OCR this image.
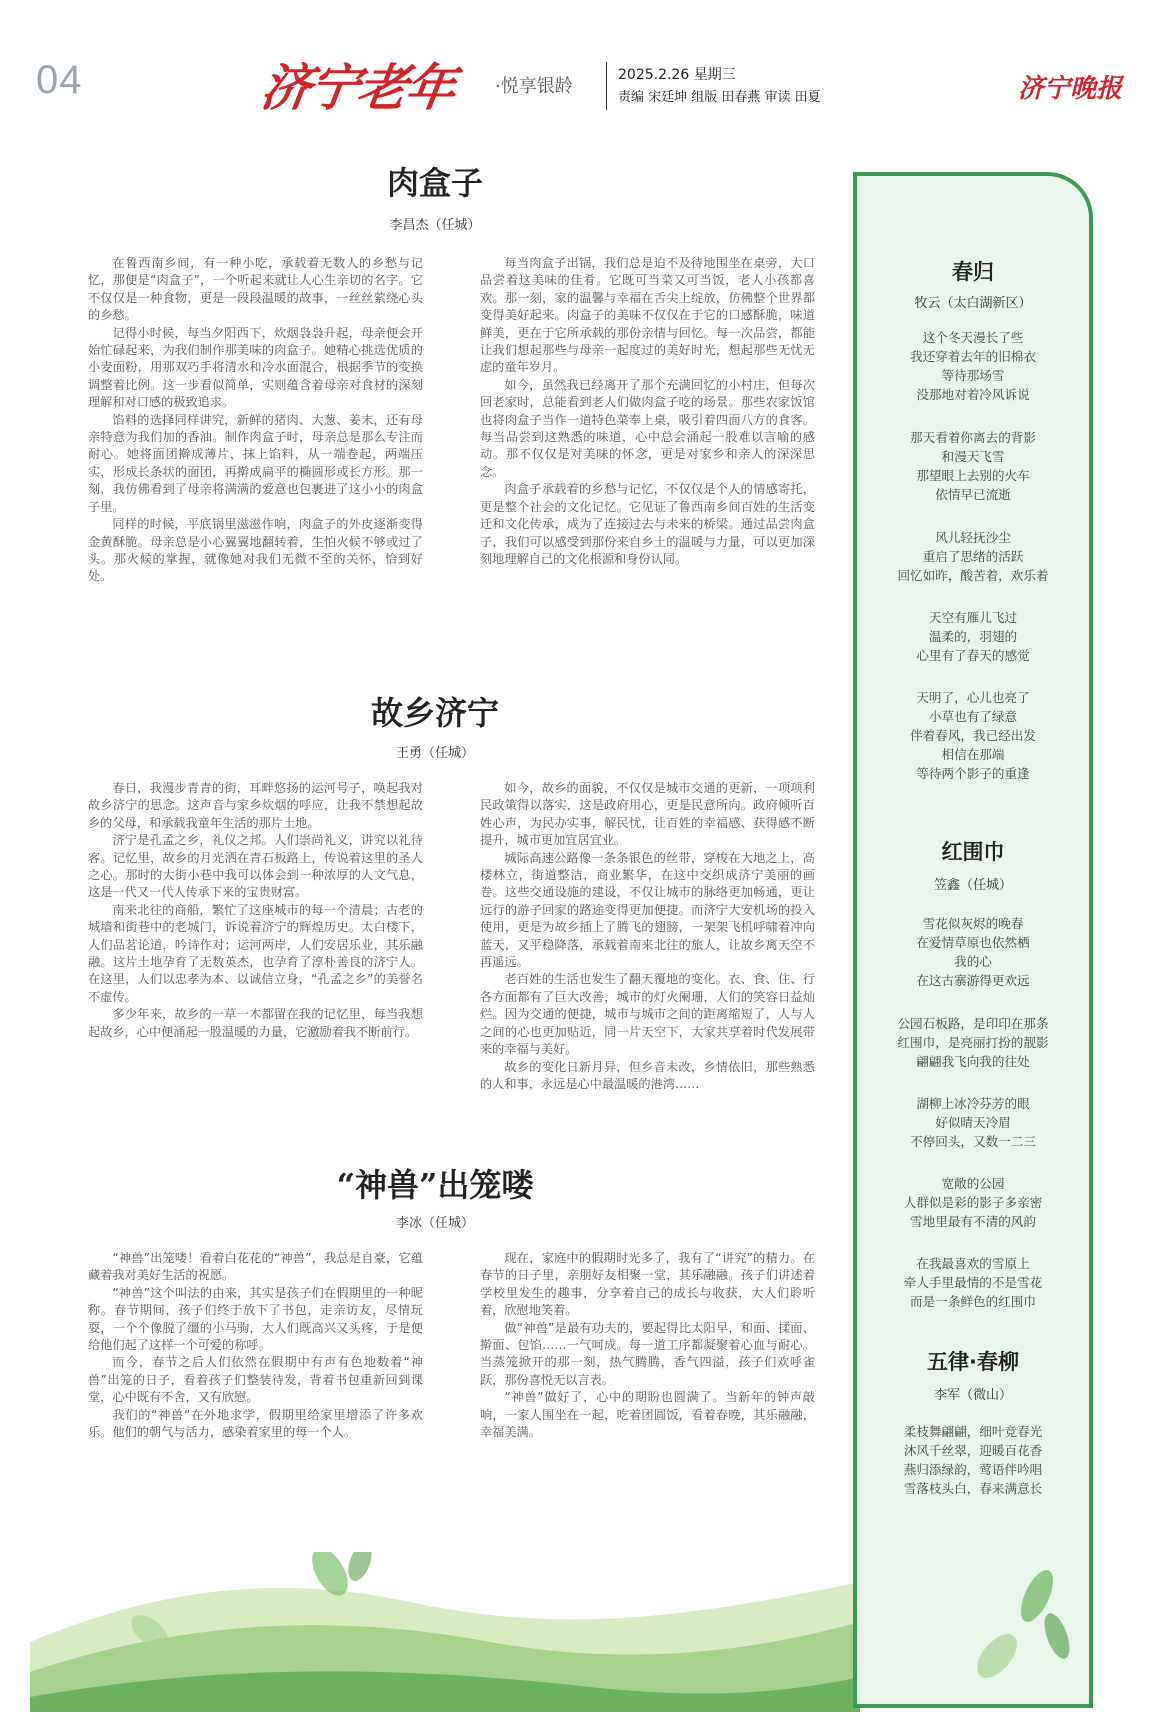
04	济宁老年 ·悦享银龄
2025.2.26 星期三
责编 宋廷坤 组版 田春燕 审读 田夏	济宁晚报
肉盒子
李昌杰（任城）

在鲁西南乡间，有一种小吃，承载着无数人的乡愁与记忆，那便是“肉盒子”，一个听起来就让人心生亲切的名字。它不仅仅是一种食物，更是一段段温暖的故事，一丝丝萦绕心头的乡愁。

记得小时候，每当夕阳西下，炊烟袅袅升起，母亲便会开始忙碌起来，为我们制作那美味的肉盒子。她精心挑选优质的小麦面粉，用那双巧手将清水和冷水面混合，根据季节的变换调整着比例。这一步看似简单，实则蕴含着母亲对食材的深刻理解和对口感的极致追求。

馅料的选择同样讲究，新鲜的猪肉、大葱、姜末，还有母亲特意为我们加的香油。制作肉盒子时，母亲总是那么专注而耐心。她将面团擀成薄片，抹上馅料，从一端卷起，两端压实，形成长条状的面团，再擀成扁平的椭圆形或长方形。那一刻，我仿佛看到了母亲将满满的爱意也包裹进了这小小的肉盒子里。

同样的时候，平底锅里滋滋作响，肉盒子的外皮逐渐变得金黄酥脆。母亲总是小心翼翼地翻转着，生怕火候不够或过了头。那火候的掌握，就像她对我们无微不至的关怀，恰到好处。

每当肉盒子出锅，我们总是迫不及待地围坐在桌旁，大口品尝着这美味的佳肴。它既可当菜又可当饭，老人小孩都喜欢。那一刻，家的温馨与幸福在舌尖上绽放，仿佛整个世界都变得美好起来。肉盒子的美味不仅仅在于它的口感酥脆，味道鲜美，更在于它所承载的那份亲情与回忆。每一次品尝，都能让我们想起那些与母亲一起度过的美好时光，想起那些无忧无虑的童年岁月。

如今，虽然我已经离开了那个充满回忆的小村庄，但每次回老家时，总能看到老人们做肉盒子吃的场景。那些农家饭馆也将肉盒子当作一道特色菜奉上桌，吸引着四面八方的食客。每当品尝到这熟悉的味道，心中总会涌起一股难以言喻的感动。那不仅仅是对美味的怀念，更是对家乡和亲人的深深思念。

肉盒子承载着的乡愁与记忆，不仅仅是个人的情感寄托，更是整个社会的文化记忆。它见证了鲁西南乡间百姓的生活变迁和文化传承，成为了连接过去与未来的桥梁。通过品尝肉盒子，我们可以感受到那份来自乡土的温暖与力量，可以更加深刻地理解自己的文化根源和身份认同。

故乡济宁
王勇（任城）

春日，我漫步青青的街，耳畔悠扬的运河号子，唤起我对故乡济宁的思念。这声音与家乡炊烟的呼应，让我不禁想起故乡的父母，和承载我童年生活的那片土地。

济宁是孔孟之乡，礼仪之邦。人们崇尚礼义，讲究以礼待客。记忆里，故乡的月光洒在青石板路上，传说着这里的圣人之心。那时的大街小巷中我可以体会到一种浓厚的人文气息，这是一代又一代人传承下来的宝贵财富。

南来北往的商船，繁忙了这座城市的每一个清晨；古老的城墙和街巷中的老城门，诉说着济宁的辉煌历史。太白楼下，人们品茗论道，吟诗作对；运河两岸，人们安居乐业，其乐融融。这片土地孕育了无数英杰，也孕育了淳朴善良的济宁人。在这里，人们以忠孝为本、以诚信立身，“孔孟之乡”的美誉名不虚传。

多少年来，故乡的一草一木都留在我的记忆里，每当我想起故乡，心中便涌起一股温暖的力量，它激励着我不断前行。

如今，故乡的面貌，不仅仅是城市交通的更新，一项项利民政策得以落实，这是政府用心，更是民意所向。政府倾听百姓心声，为民办实事，解民忧，让百姓的幸福感、获得感不断提升，城市更加宜居宜业。

城际高速公路像一条条银色的丝带，穿梭在大地之上，高楼林立，街道整洁，商业繁华，在这中交织成济宁美丽的画卷。这些交通设施的建设，不仅让城市的脉络更加畅通，更让远行的游子回家的路途变得更加便捷。而济宁大安机场的投入使用，更是为故乡插上了腾飞的翅膀，一架架飞机呼啸着冲向蓝天，又平稳降落，承载着南来北往的旅人，让故乡离天空不再遥远。

老百姓的生活也发生了翻天覆地的变化。衣、食、住、行各方面都有了巨大改善，城市的灯火阑珊，人们的笑容日益灿烂。因为交通的便捷，城市与城市之间的距离缩短了，人与人之间的心也更加贴近，同一片天空下，大家共享着时代发展带来的幸福与美好。

故乡的变化日新月异，但乡音未改，乡情依旧，那些熟悉的人和事，永远是心中最温暖的港湾……

“神兽”出笼喽
李冰（任城）

“神兽”出笼喽！看着白花花的“神兽”，我总是自豪，它蕴藏着我对美好生活的祝愿。

“神兽”这个叫法的由来，其实是孩子们在假期里的一种昵称。春节期间，孩子们终于放下了书包，走亲访友，尽情玩耍，一个个像脱了缰的小马驹，大人们既高兴又头疼，于是便给他们起了这样一个可爱的称呼。

而今，春节之后人们依然在假期中有声有色地数着“神兽”出笼的日子，看着孩子们整装待发，背着书包重新回到课堂，心中既有不舍，又有欣慰。

我们的“神兽”在外地求学，假期里给家里增添了许多欢乐。他们的朝气与活力，感染着家里的每一个人。

现在，家庭中的假期时光多了，我有了“讲究”的精力。在春节的日子里，亲朋好友相聚一堂，其乐融融。孩子们讲述着学校里发生的趣事，分享着自己的成长与收获，大人们聆听着，欣慰地笑着。

做“神兽”是最有功夫的，要起得比太阳早，和面、揉面、擀面、包馅……一气呵成。每一道工序都凝聚着心血与耐心。当蒸笼掀开的那一刻，热气腾腾，香气四溢，孩子们欢呼雀跃，那份喜悦无以言表。

“神兽”做好了，心中的期盼也圆满了。当新年的钟声敲响，一家人围坐在一起，吃着团圆饭，看着春晚，其乐融融，幸福美满。

春归
牧云（太白湖新区）
这个冬天漫长了些
我还穿着去年的旧棉衣
等待那场雪
没那地对着冷风诉说
那天看着你离去的背影
和漫天飞雪
那望眼上去别的火车
依情早已流逝
风儿轻抚沙尘
重启了思绪的活跃
回忆如昨，酸苦着，欢乐着
天空有雁儿飞过
温柔的，羽翅的
心里有了春天的感觉
天明了，心儿也亮了
小草也有了绿意
伴着春风，我已经出发
相信在那端
等待两个影子的重逢
红围巾
笠鑫（任城）
雪花似灰烬的晚春
在爱情草原也依然栖
我的心
在这古寨游得更欢远
公园石板路，是印印在那条
红围巾，是亮丽打扮的靓影
翩翩我飞向我的往处
湖柳上冰冷芬芳的眼
好似晴天冷眉
不停回头，又数一二三
宽敞的公园
人群似是彩的影子多亲密
雪地里最有不清的风韵
在我最喜欢的雪原上
牵人手里最情的不是雪花
而是一条鲜色的红围巾
五律·春柳
李军（微山）
柔枝舞翩翩，细叶竞春光
沐风千丝翠，迎暖百花香
燕归添绿韵，莺语伴吟唱
雪落枝头白，春来满意长
